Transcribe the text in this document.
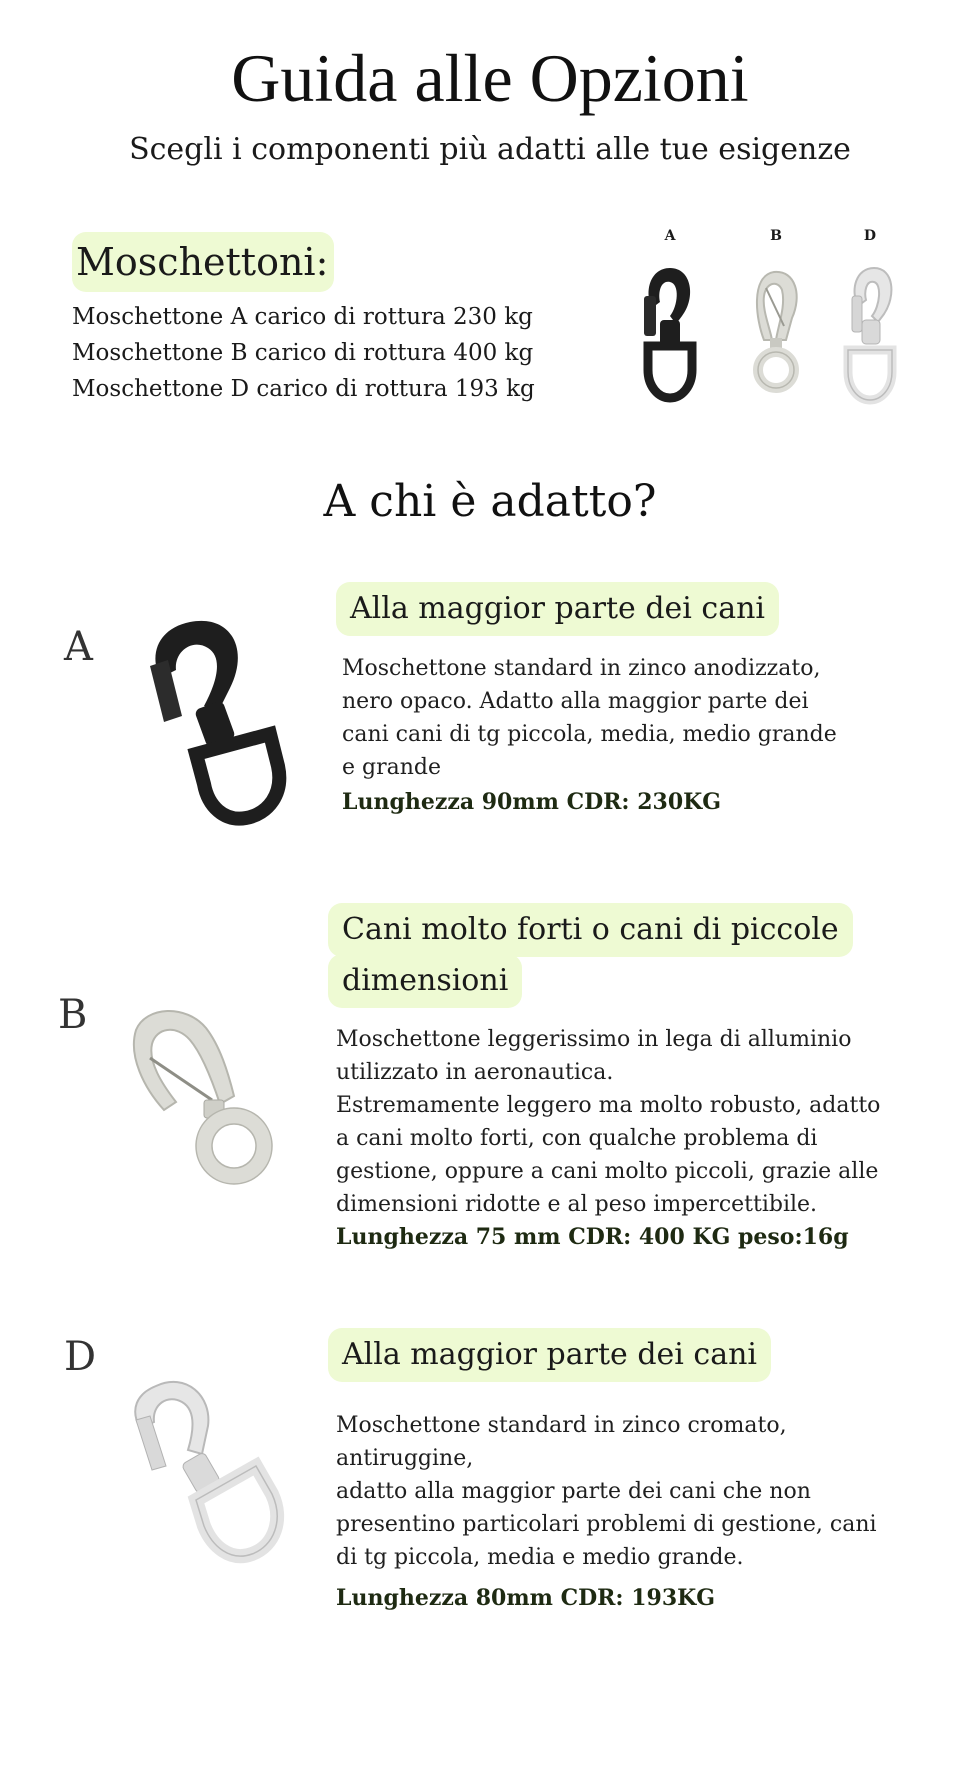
Guida alle Opzioni
Scegli i componenti più adatti alle tue esigenze
Moschettoni:
Moschettone A carico di rottura 230 kg
Moschettone B carico di rottura 400 kg
Moschettone D carico di rottura 193 kg
A	B	D
A chi è adatto?
A
Alla maggior parte dei cani
Moschettone standard in zinco anodizzato,
nero opaco. Adatto alla maggior parte dei
cani cani di tg piccola, media, medio grande
e grande
Lunghezza 90mm CDR: 230KG
B
Cani molto forti o cani di piccole
dimensioni
Moschettone leggerissimo in lega di alluminio
utilizzato in aeronautica.
Estremamente leggero ma molto robusto, adatto
a cani molto forti, con qualche problema di
gestione, oppure a cani molto piccoli, grazie alle
dimensioni ridotte e al peso impercettibile.
Lunghezza 75 mm CDR: 400 KG peso:16g
D	Alla maggior parte dei cani
Moschettone standard in zinco cromato,
antiruggine,
adatto alla maggior parte dei cani che non
presentino particolari problemi di gestione, cani
di tg piccola, media e medio grande.
Lunghezza 80mm CDR: 193KG
